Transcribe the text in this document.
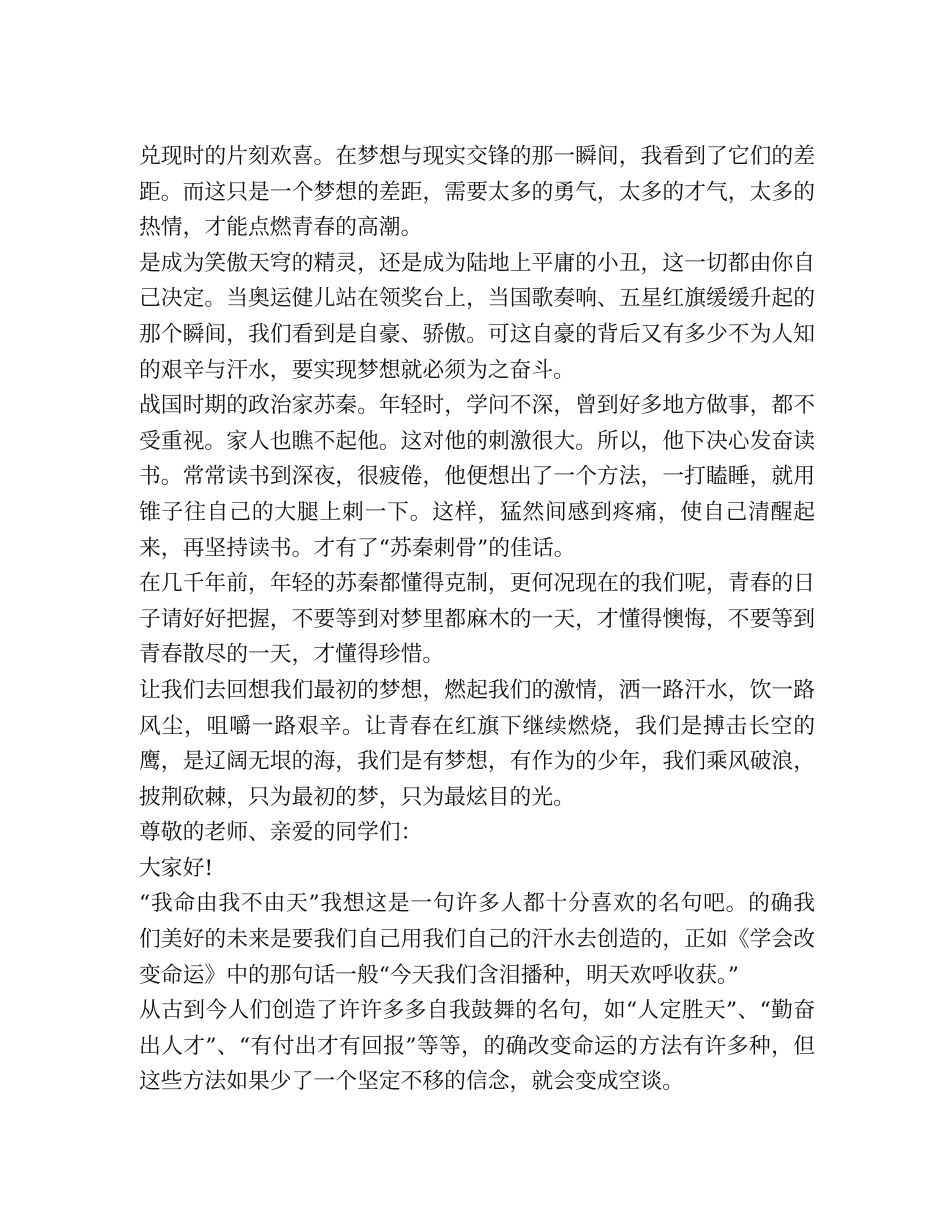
兑现时的片刻欢喜。在梦想与现实交锋的那一瞬间，我看到了它们的差距。而这只是一个梦想的差距，需要太多的勇气，太多的才气，太多的热情，才能点燃青春的高潮。

是成为笑傲天穹的精灵，还是成为陆地上平庸的小丑，这一切都由你自己决定。当奥运健儿站在领奖台上，当国歌奏响、五星红旗缓缓升起的那个瞬间，我们看到是自豪、骄傲。可这自豪的背后又有多少不为人知的艰辛与汗水，要实现梦想就必须为之奋斗。

战国时期的政治家苏秦。年轻时，学问不深，曾到好多地方做事，都不受重视。家人也瞧不起他。这对他的刺激很大。所以，他下决心发奋读书。常常读书到深夜，很疲倦，他便想出了一个方法，一打瞌睡，就用锥子往自己的大腿上刺一下。这样，猛然间感到疼痛，使自己清醒起来，再坚持读书。才有了“苏秦刺骨”的佳话。

在几千年前，年轻的苏秦都懂得克制，更何况现在的我们呢，青春的日子请好好把握，不要等到对梦里都麻木的一天，才懂得懊悔，不要等到青春散尽的一天，才懂得珍惜。

让我们去回想我们最初的梦想，燃起我们的激情，洒一路汗水，饮一路风尘，咀嚼一路艰辛。让青春在红旗下继续燃烧，我们是搏击长空的鹰，是辽阔无垠的海，我们是有梦想，有作为的少年，我们乘风破浪，披荆砍棘，只为最初的梦，只为最炫目的光。

尊敬的老师、亲爱的同学们：

大家好!

“我命由我不由天”我想这是一句许多人都十分喜欢的名句吧。的确我们美好的未来是要我们自己用我们自己的汗水去创造的，正如《学会改变命运》中的那句话一般“今天我们含泪播种，明天欢呼收获。”

从古到今人们创造了许许多多自我鼓舞的名句，如“人定胜天”、“勤奋出人才”、“有付出才有回报”等等，的确改变命运的方法有许多种，但这些方法如果少了一个坚定不移的信念，就会变成空谈。
